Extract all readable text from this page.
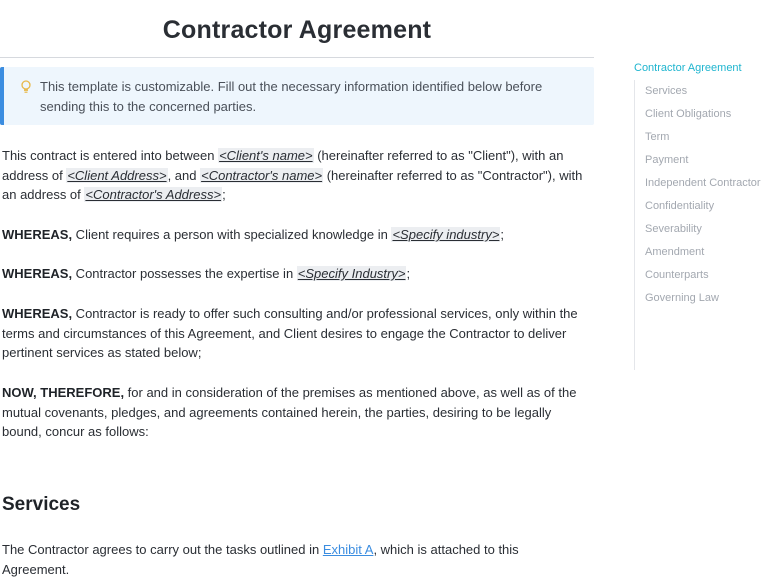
Contractor Agreement
This template is customizable. Fill out the necessary information identified below before sending this to the concerned parties.
This contract is entered into between <Client's name> (hereinafter referred to as "Client"), with an address of <Client Address>, and <Contractor's name> (hereinafter referred to as "Contractor"), with an address of <Contractor's Address>;
WHEREAS, Client requires a person with specialized knowledge in <Specify industry>;
WHEREAS, Contractor possesses the expertise in <Specify Industry>;
WHEREAS, Contractor is ready to offer such consulting and/or professional services, only within the terms and circumstances of this Agreement, and Client desires to engage the Contractor to deliver pertinent services as stated below;
NOW, THEREFORE, for and in consideration of the premises as mentioned above, as well as of the mutual covenants, pledges, and agreements contained herein, the parties, desiring to be legally bound, concur as follows:
Services
The Contractor agrees to carry out the tasks outlined in Exhibit A, which is attached to this Agreement.
Contractor Agreement
Services
Client Obligations
Term
Payment
Independent Contractor
Confidentiality
Severability
Amendment
Counterparts
Governing Law
